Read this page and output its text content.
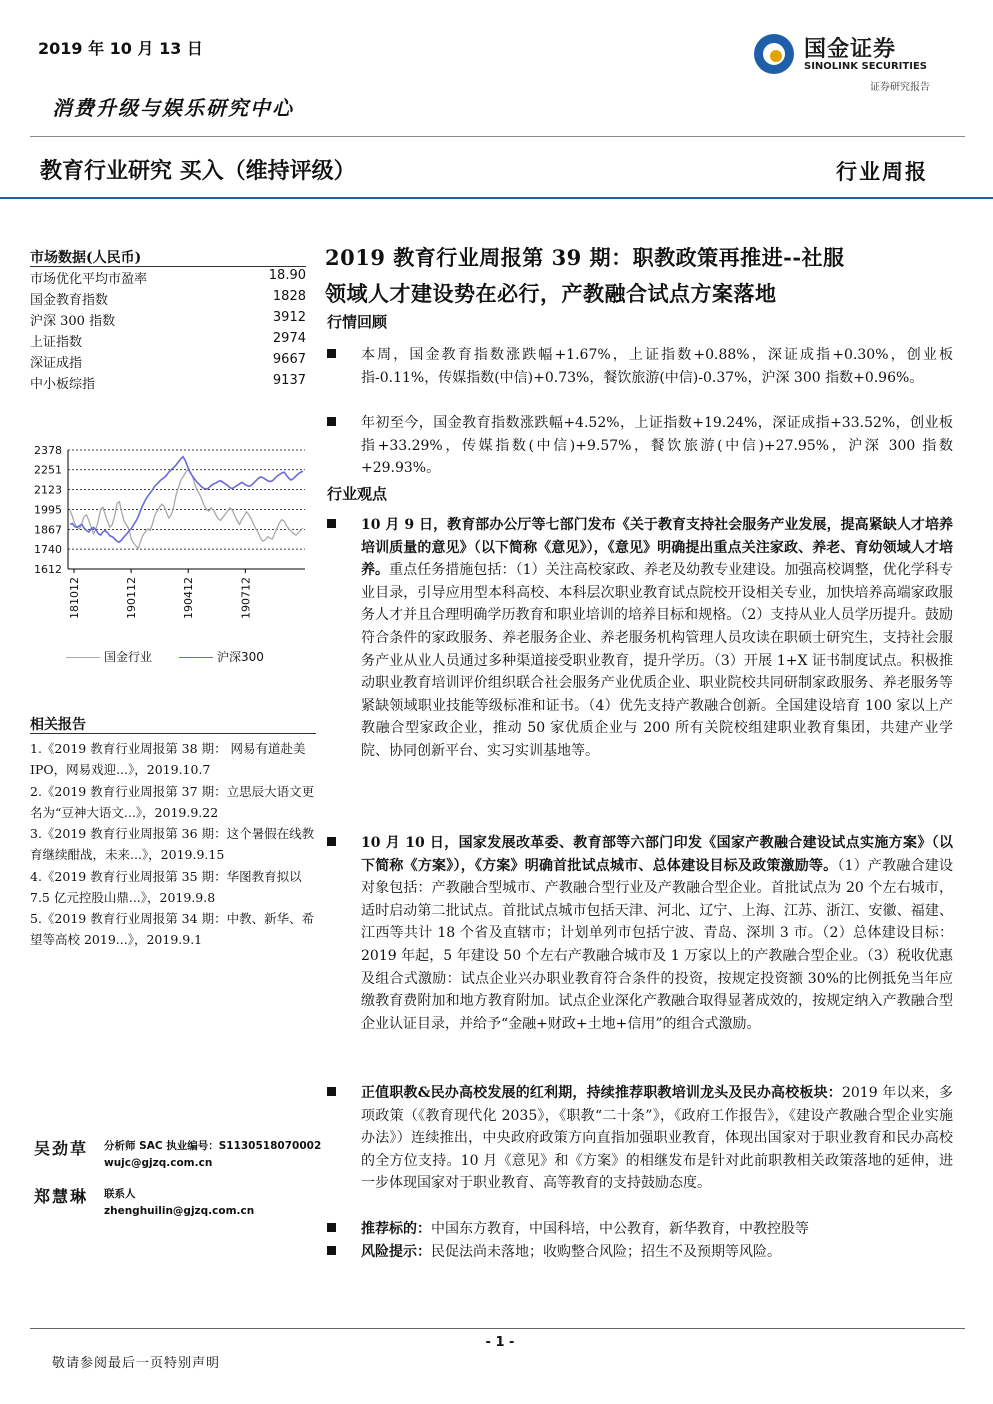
2019 年 10 月 13 日	国金证券
SINOLINK SECURITIES
证券研究报告
消费升级与娱乐研究中心
教育行业研究 买入（维持评级）	行业周报
市场数据(人民币)
市场优化平均市盈率	18.90
国金教育指数	1828
沪深 300 指数	3912
上证指数	2974
深证成指	9667
中小板综指	9137
2378
2251
2123
1995
1867
1740
1612
181012	190112	190412	190712
国金行业	沪深300
相关报告
1.《2019 教育行业周报第 38 期： 网易有道赴美 IPO，网易戏迎...》，2019.10.7
2.《2019 教育行业周报第 37 期：立思辰大语文更名为“豆神大语文...》，2019.9.22
3.《2019 教育行业周报第 36 期：这个暑假在线教育继续酣战，未来...》，2019.9.15
4.《2019 教育行业周报第 35 期：华图教育拟以 7.5 亿元控股山鼎...》，2019.9.8
5.《2019 教育行业周报第 34 期：中教、新华、希望等高校 2019...》，2019.9.1
吴劲草 分析师 SAC 执业编号：S1130518070002
wujc@gjzq.com.cn
郑慧琳 联系人
zhenghuilin@gjzq.com.cn
2019 教育行业周报第 39 期：职教政策再推进--社服
领域人才建设势在必行，产教融合试点方案落地
行情回顾
本周，国金教育指数涨跌幅+1.67%，上证指数+0.88%，深证成指+0.30%，创业板指-0.11%，传媒指数(中信)+0.73%，餐饮旅游(中信)-0.37%，沪深 300 指数+0.96%。
年初至今，国金教育指数涨跌幅+4.52%，上证指数+19.24%，深证成指+33.52%，创业板指+33.29%，传媒指数(中信)+9.57%，餐饮旅游(中信)+27.95%，沪深 300 指数+29.93%。
行业观点
10 月 9 日，教育部办公厅等七部门发布《关于教育支持社会服务产业发展，提高紧缺人才培养培训质量的意见》（以下简称《意见》），《意见》明确提出重点关注家政、养老、育幼领域人才培养。重点任务措施包括：（1）关注高校家政、养老及幼教专业建设。加强高校调整，优化学科专业目录，引导应用型本科高校、本科层次职业教育试点院校开设相关专业，加快培养高端家政服务人才并且合理明确学历教育和职业培训的培养目标和规格。（2）支持从业人员学历提升。鼓励符合条件的家政服务、养老服务企业、养老服务机构管理人员攻读在职硕士研究生，支持社会服务产业从业人员通过多种渠道接受职业教育，提升学历。（3）开展 1+X 证书制度试点。积极推动职业教育培训评价组织联合社会服务产业优质企业、职业院校共同研制家政服务、养老服务等紧缺领域职业技能等级标准和证书。（4）优先支持产教融合创新。全国建设培育 100 家以上产教融合型家政企业，推动 50 家优质企业与 200 所有关院校组建职业教育集团，共建产业学院、协同创新平台、实习实训基地等。
10 月 10 日，国家发展改革委、教育部等六部门印发《国家产教融合建设试点实施方案》（以下简称《方案》），《方案》明确首批试点城市、总体建设目标及政策激励等。（1）产教融合建设对象包括：产教融合型城市、产教融合型行业及产教融合型企业。首批试点为 20 个左右城市，适时启动第二批试点。首批试点城市包括天津、河北、辽宁、上海、江苏、浙江、安徽、福建、江西等共计 18 个省及直辖市；计划单列市包括宁波、青岛、深圳 3 市。（2）总体建设目标：2019 年起，5 年建设 50 个左右产教融合城市及 1 万家以上的产教融合型企业。（3）税收优惠及组合式激励：试点企业兴办职业教育符合条件的投资，按规定投资额 30%的比例抵免当年应缴教育费附加和地方教育附加。试点企业深化产教融合取得显著成效的，按规定纳入产教融合型企业认证目录，并给予“金融+财政+土地+信用”的组合式激励。
正值职教&民办高校发展的红利期，持续推荐职教培训龙头及民办高校板块：2019 年以来，多项政策（《教育现代化 2035》，《职教“二十条”》，《政府工作报告》，《建设产教融合型企业实施办法》）连续推出，中央政府政策方向直指加强职业教育，体现出国家对于职业教育和民办高校的全方位支持。10 月《意见》和《方案》的相继发布是针对此前职教相关政策落地的延伸，进一步体现国家对于职业教育、高等教育的支持鼓励态度。
推荐标的：中国东方教育，中国科培，中公教育，新华教育，中教控股等
风险提示：民促法尚未落地；收购整合风险；招生不及预期等风险。
- 1 -
敬请参阅最后一页特别声明
